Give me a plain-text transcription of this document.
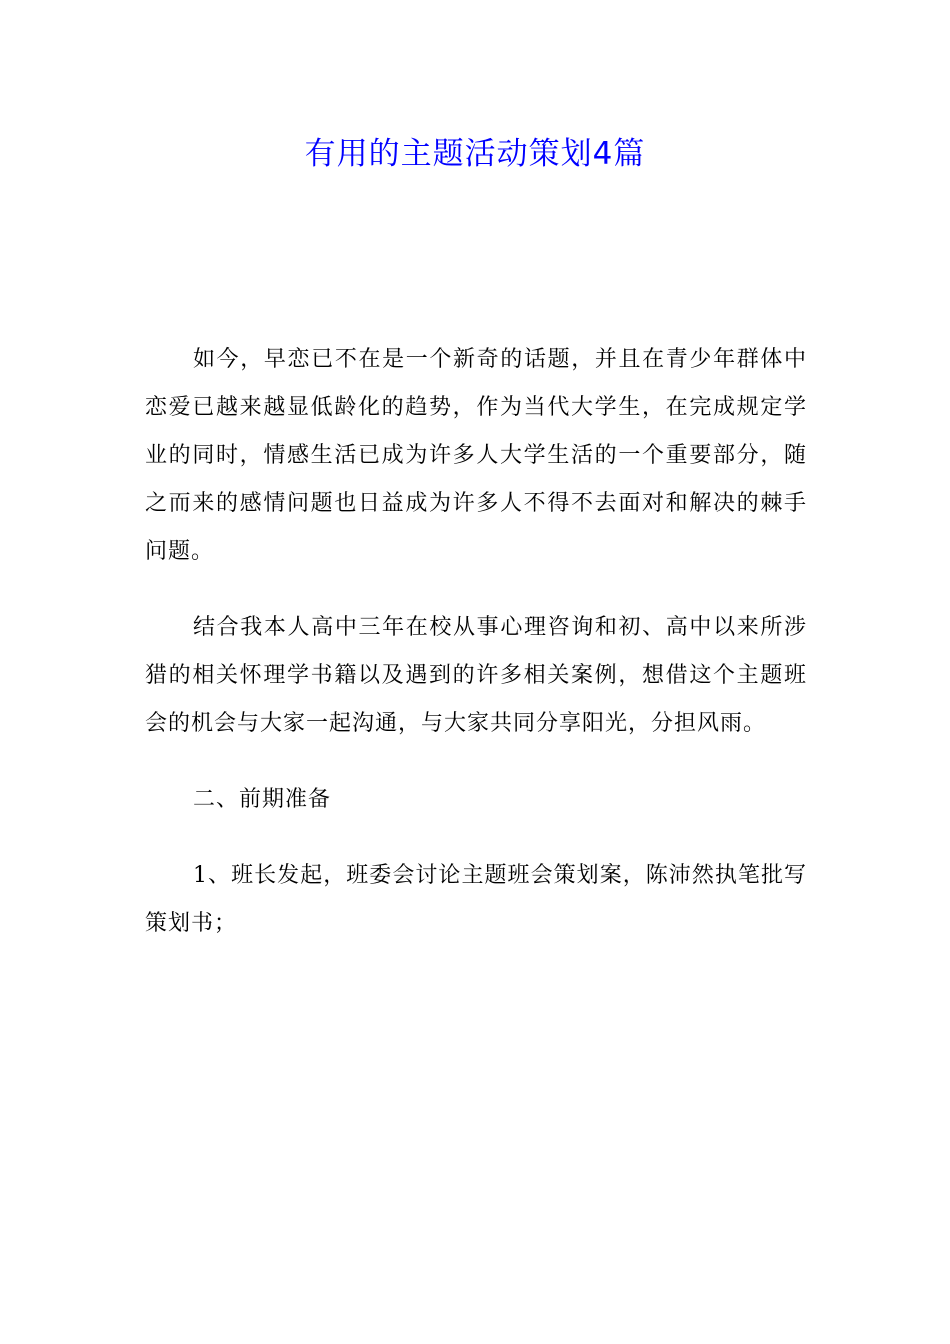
有用的主题活动策划4篇

如今，早恋已不在是一个新奇的话题，并且在青少年群体中恋爱已越来越显低龄化的趋势，作为当代大学生，在完成规定学业的同时，情感生活已成为许多人大学生活的一个重要部分，随之而来的感情问题也日益成为许多人不得不去面对和解决的棘手问题。

结合我本人高中三年在校从事心理咨询和初、高中以来所涉猎的相关怀理学书籍以及遇到的许多相关案例，想借这个主题班会的机会与大家一起沟通，与大家共同分享阳光，分担风雨。

二、前期准备

1、班长发起，班委会讨论主题班会策划案，陈沛然执笔批写策划书；
